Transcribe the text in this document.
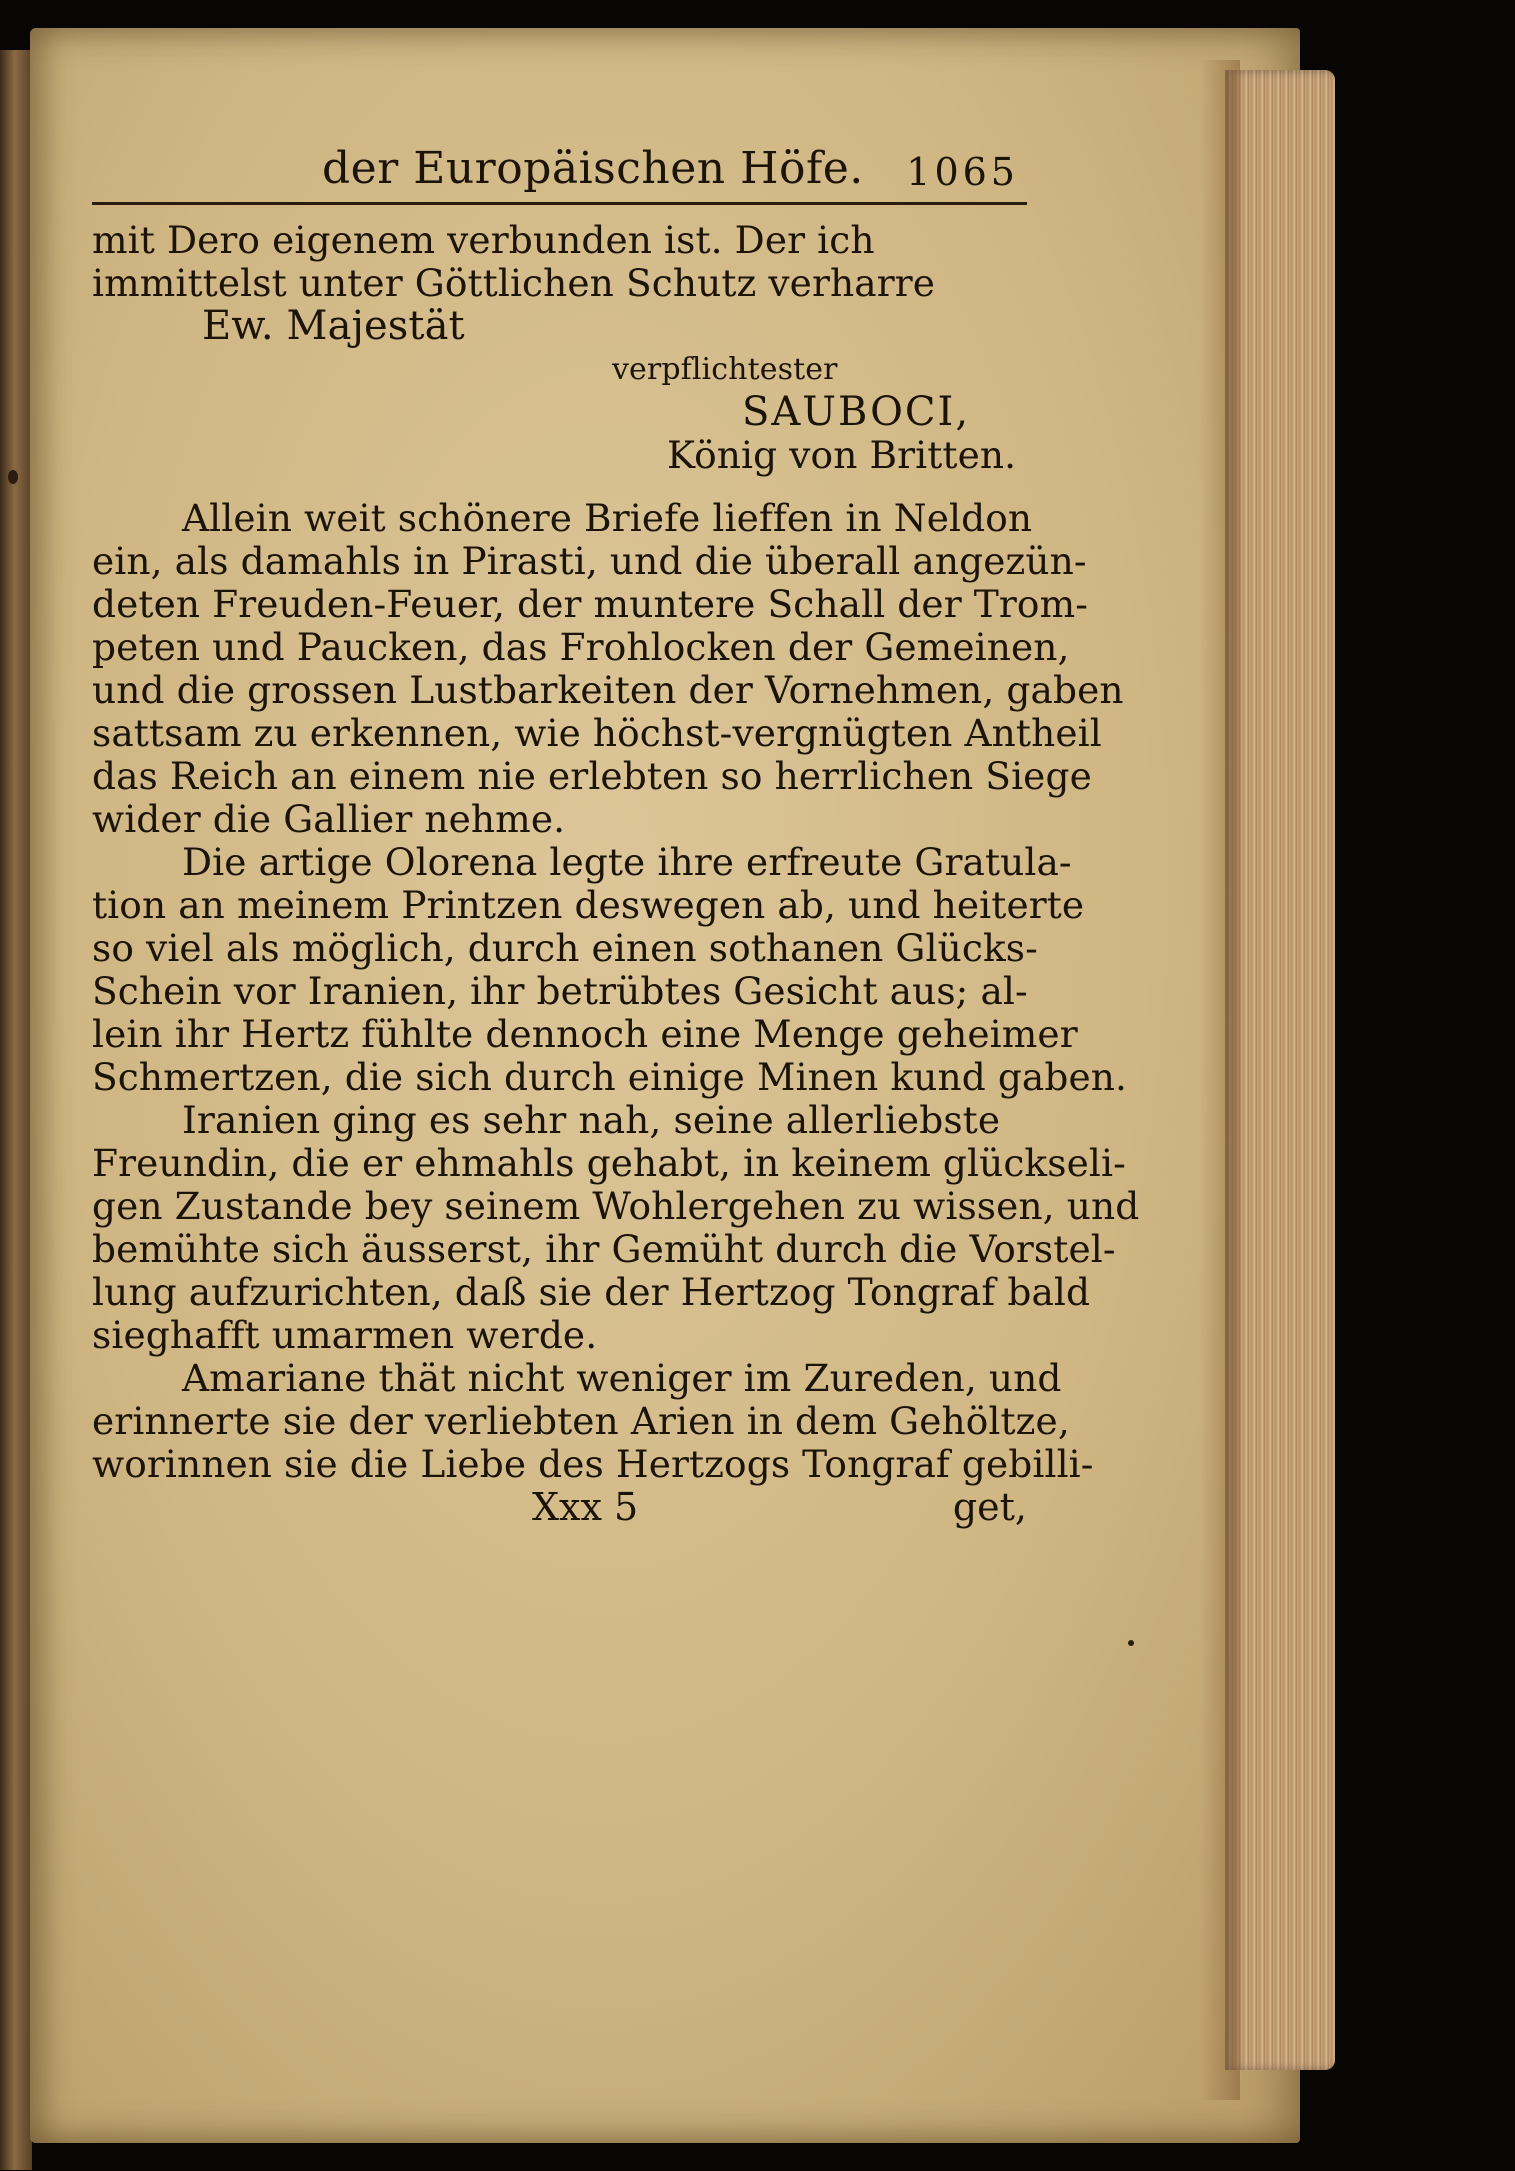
der Europäischen Höfe. 1065
mit Dero eigenem verbunden ist. Der ich
immittelst unter Göttlichen Schutz verharre
Ew. Majestät
verpflichtester
SAUBOCI,
König von Britten.
Allein weit schönere Briefe lieffen in Neldon
ein, als damahls in Pirasti, und die überall angezün-
deten Freuden-Feuer, der muntere Schall der Trom-
peten und Paucken, das Frohlocken der Gemeinen,
und die grossen Lustbarkeiten der Vornehmen, gaben
sattsam zu erkennen, wie höchst-vergnügten Antheil
das Reich an einem nie erlebten so herrlichen Siege
wider die Gallier nehme.
Die artige Olorena legte ihre erfreute Gratula-
tion an meinem Printzen deswegen ab, und heiterte
so viel als möglich, durch einen sothanen Glücks-
Schein vor Iranien, ihr betrübtes Gesicht aus; al-
lein ihr Hertz fühlte dennoch eine Menge geheimer
Schmertzen, die sich durch einige Minen kund gaben.
Iranien ging es sehr nah, seine allerliebste
Freundin, die er ehmahls gehabt, in keinem glückseli-
gen Zustande bey seinem Wohlergehen zu wissen, und
bemühte sich äusserst, ihr Gemüht durch die Vorstel-
lung aufzurichten, daß sie der Hertzog Tongraf bald
sieghafft umarmen werde.
Amariane thät nicht weniger im Zureden, und
erinnerte sie der verliebten Arien in dem Gehöltze,
worinnen sie die Liebe des Hertzogs Tongraf gebilli-
Xxx 5	get,
